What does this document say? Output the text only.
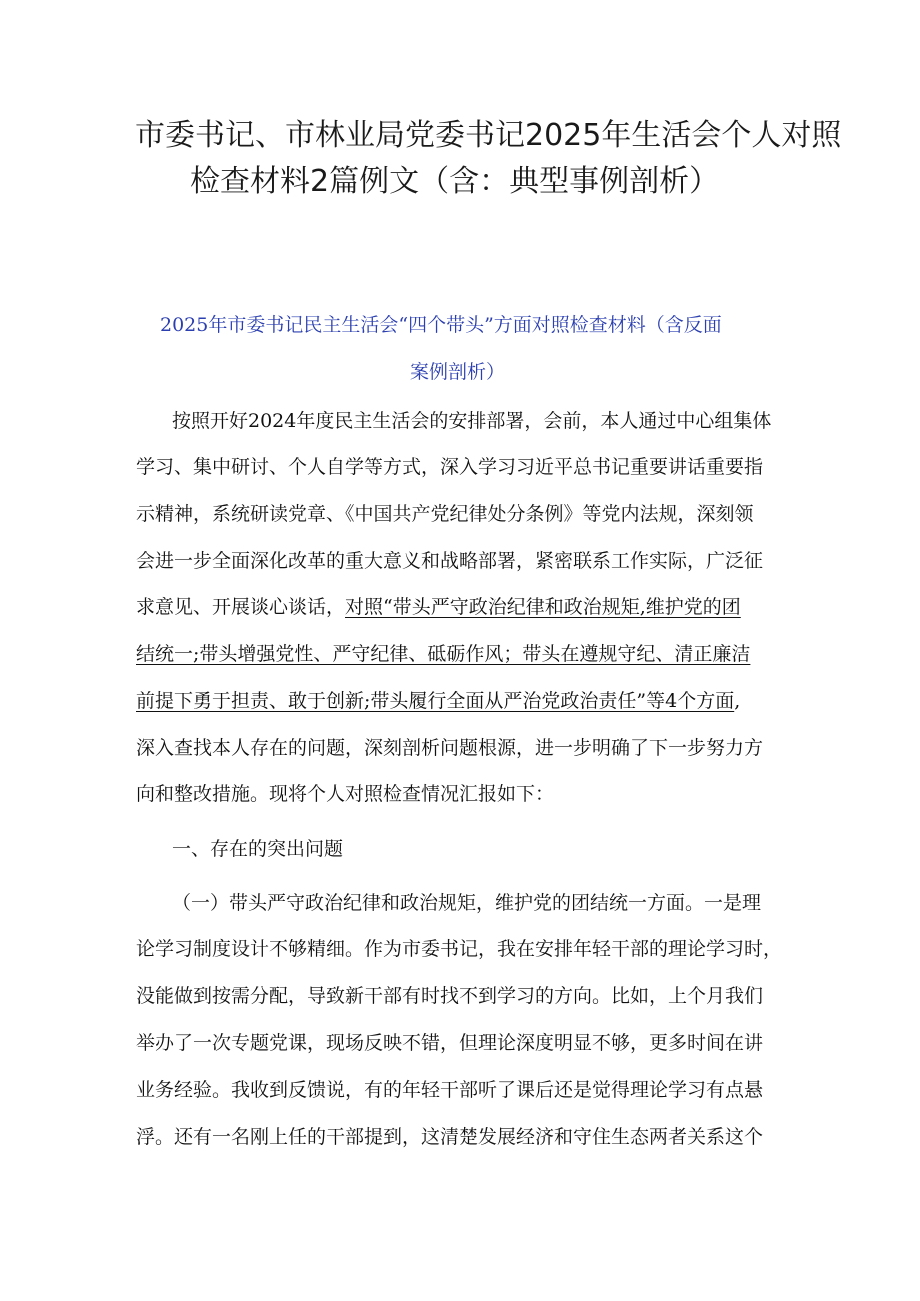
市委书记、市林业局党委书记2025年生活会个人对照
检查材料2篇例文（含：典型事例剖析）
2025年市委书记民主生活会“四个带头”方面对照检查材料（含反面
案例剖析）
按照开好2024年度民主生活会的安排部署，会前，本人通过中心组集体
学习、集中研讨、个人自学等方式，深入学习习近平总书记重要讲话重要指
示精神，系统研读党章、《中国共产党纪律处分条例》等党内法规，深刻领
会进一步全面深化改革的重大意义和战略部署，紧密联系工作实际，广泛征
求意见、开展谈心谈话，对照“带头严守政治纪律和政治规矩,维护党的团
结统一;带头增强党性、严守纪律、砥砺作风；带头在遵规守纪、清正廉洁
前提下勇于担责、敢于创新;带头履行全面从严治党政治责任”等4个方面,
深入查找本人存在的问题，深刻剖析问题根源，进一步明确了下一步努力方
向和整改措施。现将个人对照检查情况汇报如下：
一、存在的突出问题
（一）带头严守政治纪律和政治规矩，维护党的团结统一方面。一是理
论学习制度设计不够精细。作为市委书记，我在安排年轻干部的理论学习时，
没能做到按需分配，导致新干部有时找不到学习的方向。比如，上个月我们
举办了一次专题党课，现场反映不错，但理论深度明显不够，更多时间在讲
业务经验。我收到反馈说，有的年轻干部听了课后还是觉得理论学习有点悬
浮。还有一名刚上任的干部提到，这清楚发展经济和守住生态两者关系这个
